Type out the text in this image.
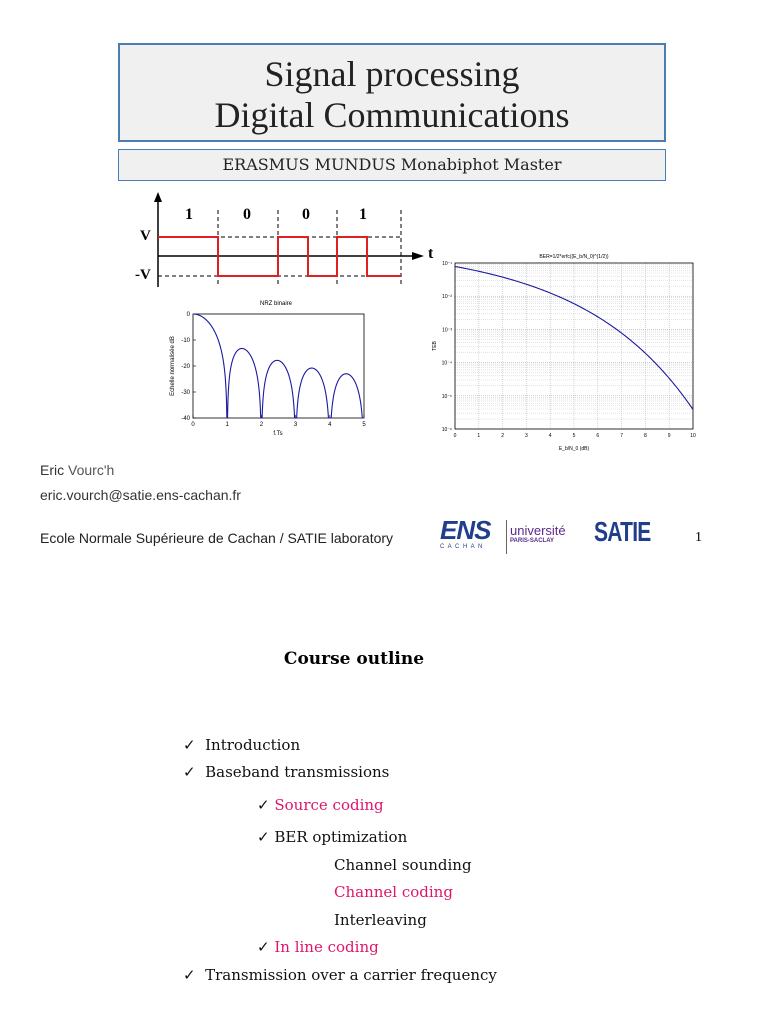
Signal processing
Digital Communications
ERASMUS MUNDUS Monabiphot Master
1	0	0	1
V
-V
t
NRZ binaire
0	1	2	3	4	5
0
-10
-20
-30
-40
f.Ts
Echelle normalisée dB
BER=1/2*erfc((E_b/N_0)^(1/2))
0	1	2	3	4	5	6	7	8	9	10
10⁻¹
10⁻²
10⁻³
10⁻⁴
10⁻⁵
10⁻⁶
E_b/N_0 (dB)
TEB
Eric Vourc'h
eric.vourch@satie.ens-cachan.fr
Ecole Normale Supérieure de Cachan / SATIE laboratory ENS
C A C H A N
université
PARIS-SACLAY	SATIE	1
Course outline
✓ Introduction
✓ Baseband transmissions
✓ Source coding
✓ BER optimization
Channel sounding
Channel coding
Interleaving
✓ In line coding
✓ Transmission over a carrier frequency
